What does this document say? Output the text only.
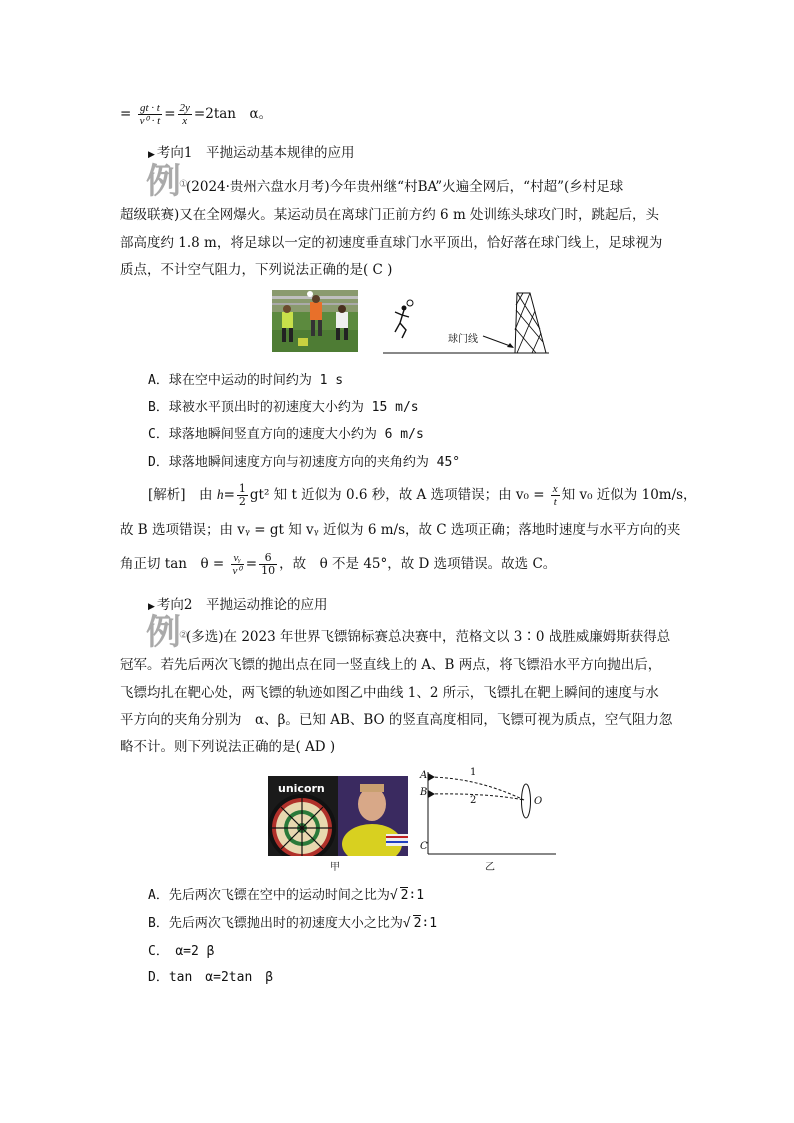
= $\frac{gt \cdot t}{\text{v⁰ · t}} = \frac{2y}{x} =2\tan$　α。
▶ 考向1　平抛运动基本规律的应用
例① (2024·贵州六盘水月考)今年贵州继“村BA”火遍全网后，“村超”(乡村足球
超级联赛)又在全网爆火。某运动员在离球门正前方约 6 m 处训练头球攻门时，跳起后，头
部高度约 1.8 m，将足球以一定的初速度垂直球门水平顶出，恰好落在球门线上，足球视为
质点，不计空气阻力，下列说法正确的是( C )
球门线
A．球在空中运动的时间约为 1 s
B．球被水平顶出时的初速度大小约为 15 m/s
C．球落地瞬间竖直方向的速度大小约为 6 m/s
D．球落地瞬间速度方向与初速度方向的夹角约为 45°
[解析]　由 $h= \frac{1}{2} gt^2$ 知 t 近似为 0.6 秒，故 A 选项错误；由 $v_0 = \frac{x}{t}$ 知 v₀ 近似为 10m/s，
故 B 选项错误；由 vᵧ = gt 知 vᵧ 近似为 6 m/s，故 C 选项正确；落地时速度与水平方向的夹
角正切 tan　$\theta = \frac{\text{vᵧ}}{\text{v⁰}} = \frac{6}{10}$ ，故　θ 不是 45°，故 D 选项错误。故选 C。
▶ 考向2　平抛运动推论的应用
例② (多选)在 2023 年世界飞镖锦标赛总决赛中，范格文以 3∶0 战胜威廉姆斯获得总
冠军。若先后两次飞镖的抛出点在同一竖直线上的 A、B 两点，将飞镖沿水平方向抛出后，
飞镖均扎在靶心处，两飞镖的轨迹如图乙中曲线 1、2 所示，飞镖扎在靶上瞬间的速度与水
平方向的夹角分别为　α、β。已知 AB、BO 的竖直高度相同，飞镖可视为质点，空气阻力忽
略不计。则下列说法正确的是( AD )
unicorn
A
B
C
O
1
2
甲	乙
A．先后两次飞镖在空中的运动时间之比为√ 2∶1
B．先后两次飞镖抛出时的初速度大小之比为√ 2∶1
C．　α=2 β
D．tan　α=2tan　β
